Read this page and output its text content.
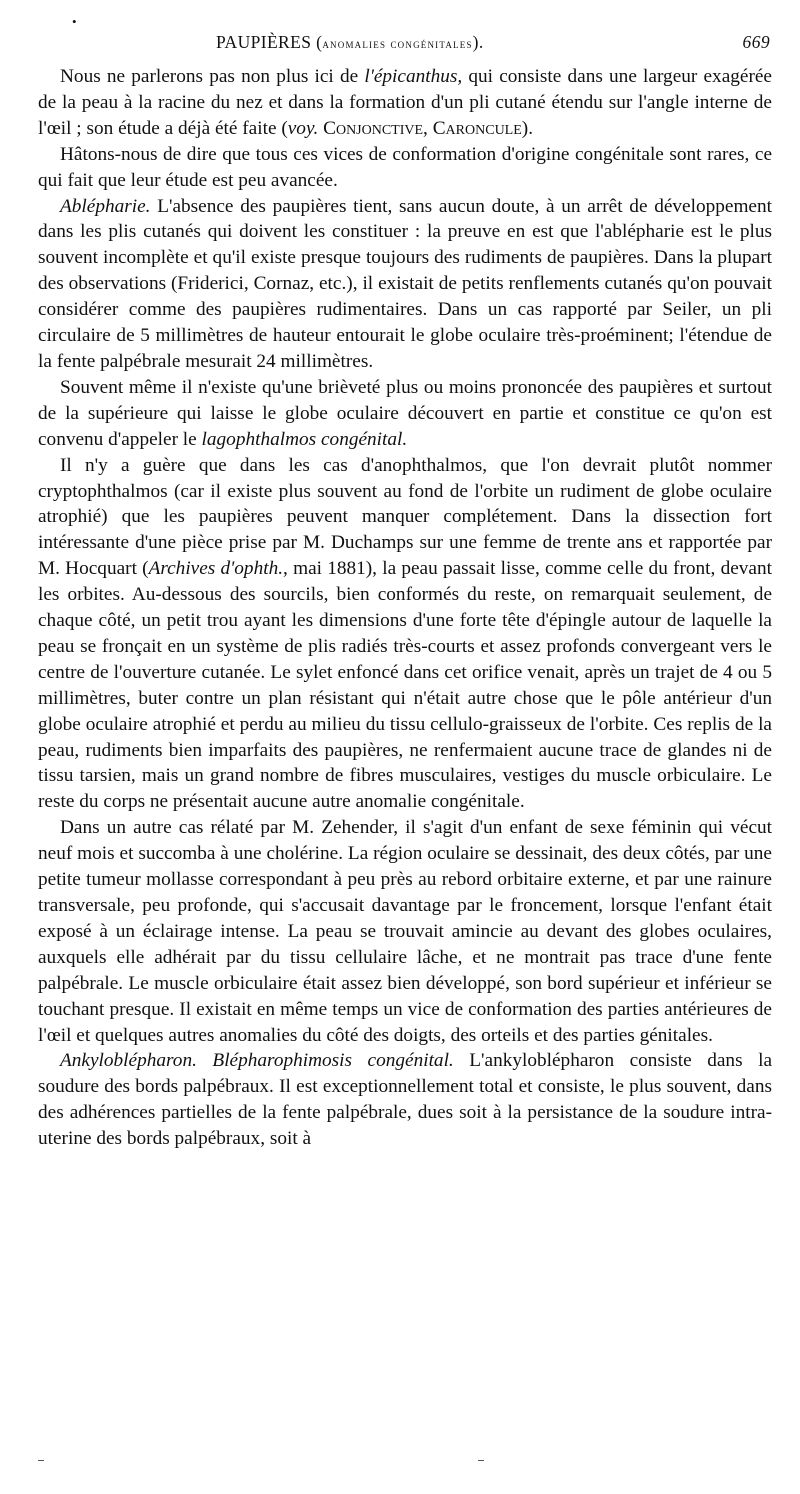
•
PAUPIÈRES (anomalies congénitales).	669

Nous ne parlerons pas non plus ici de l'épicanthus, qui consiste dans une largeur exagérée de la peau à la racine du nez et dans la formation d'un pli cutané étendu sur l'angle interne de l'œil ; son étude a déjà été faite (voy. Conjonctive, Caroncule).

Hâtons-nous de dire que tous ces vices de conformation d'origine congénitale sont rares, ce qui fait que leur étude est peu avancée.

Ablépharie. L'absence des paupières tient, sans aucun doute, à un arrêt de développement dans les plis cutanés qui doivent les constituer : la preuve en est que l'ablépharie est le plus souvent incomplète et qu'il existe presque toujours des rudiments de paupières. Dans la plupart des observations (Friderici, Cornaz, etc.), il existait de petits renflements cutanés qu'on pouvait considérer comme des paupières rudimentaires. Dans un cas rapporté par Seiler, un pli circulaire de 5 millimètres de hauteur entourait le globe oculaire très-proéminent; l'étendue de la fente palpébrale mesurait 24 millimètres.

Souvent même il n'existe qu'une brièveté plus ou moins prononcée des paupières et surtout de la supérieure qui laisse le globe oculaire découvert en partie et constitue ce qu'on est convenu d'appeler le lagophthalmos congénital.

Il n'y a guère que dans les cas d'anophthalmos, que l'on devrait plutôt nommer cryptophthalmos (car il existe plus souvent au fond de l'orbite un rudiment de globe oculaire atrophié) que les paupières peuvent manquer complétement. Dans la dissection fort intéressante d'une pièce prise par M. Duchamps sur une femme de trente ans et rapportée par M. Hocquart (Archives d'ophth., mai 1881), la peau passait lisse, comme celle du front, devant les orbites. Au-dessous des sourcils, bien conformés du reste, on remarquait seulement, de chaque côté, un petit trou ayant les dimensions d'une forte tête d'épingle autour de laquelle la peau se fronçait en un système de plis radiés très-courts et assez profonds convergeant vers le centre de l'ouverture cutanée. Le sylet enfoncé dans cet orifice venait, après un trajet de 4 ou 5 millimètres, buter contre un plan résistant qui n'était autre chose que le pôle antérieur d'un globe oculaire atrophié et perdu au milieu du tissu cellulo-graisseux de l'orbite. Ces replis de la peau, rudiments bien imparfaits des paupières, ne renfermaient aucune trace de glandes ni de tissu tarsien, mais un grand nombre de fibres musculaires, vestiges du muscle orbiculaire. Le reste du corps ne présentait aucune autre anomalie congénitale.

Dans un autre cas rélaté par M. Zehender, il s'agit d'un enfant de sexe féminin qui vécut neuf mois et succomba à une cholérine. La région oculaire se dessinait, des deux côtés, par une petite tumeur mollasse correspondant à peu près au rebord orbitaire externe, et par une rainure transversale, peu profonde, qui s'accusait davantage par le froncement, lorsque l'enfant était exposé à un éclairage intense. La peau se trouvait amincie au devant des globes oculaires, auxquels elle adhérait par du tissu cellulaire lâche, et ne montrait pas trace d'une fente palpébrale. Le muscle orbiculaire était assez bien développé, son bord supérieur et inférieur se touchant presque. Il existait en même temps un vice de conformation des parties antérieures de l'œil et quelques autres anomalies du côté des doigts, des orteils et des parties génitales.

Ankyloblépharon. Blépharophimosis congénital. L'ankyloblépharon consiste dans la soudure des bords palpébraux. Il est exceptionnellement total et consiste, le plus souvent, dans des adhérences partielles de la fente palpébrale, dues soit à la persistance de la soudure intra-uterine des bords palpébraux, soit à
